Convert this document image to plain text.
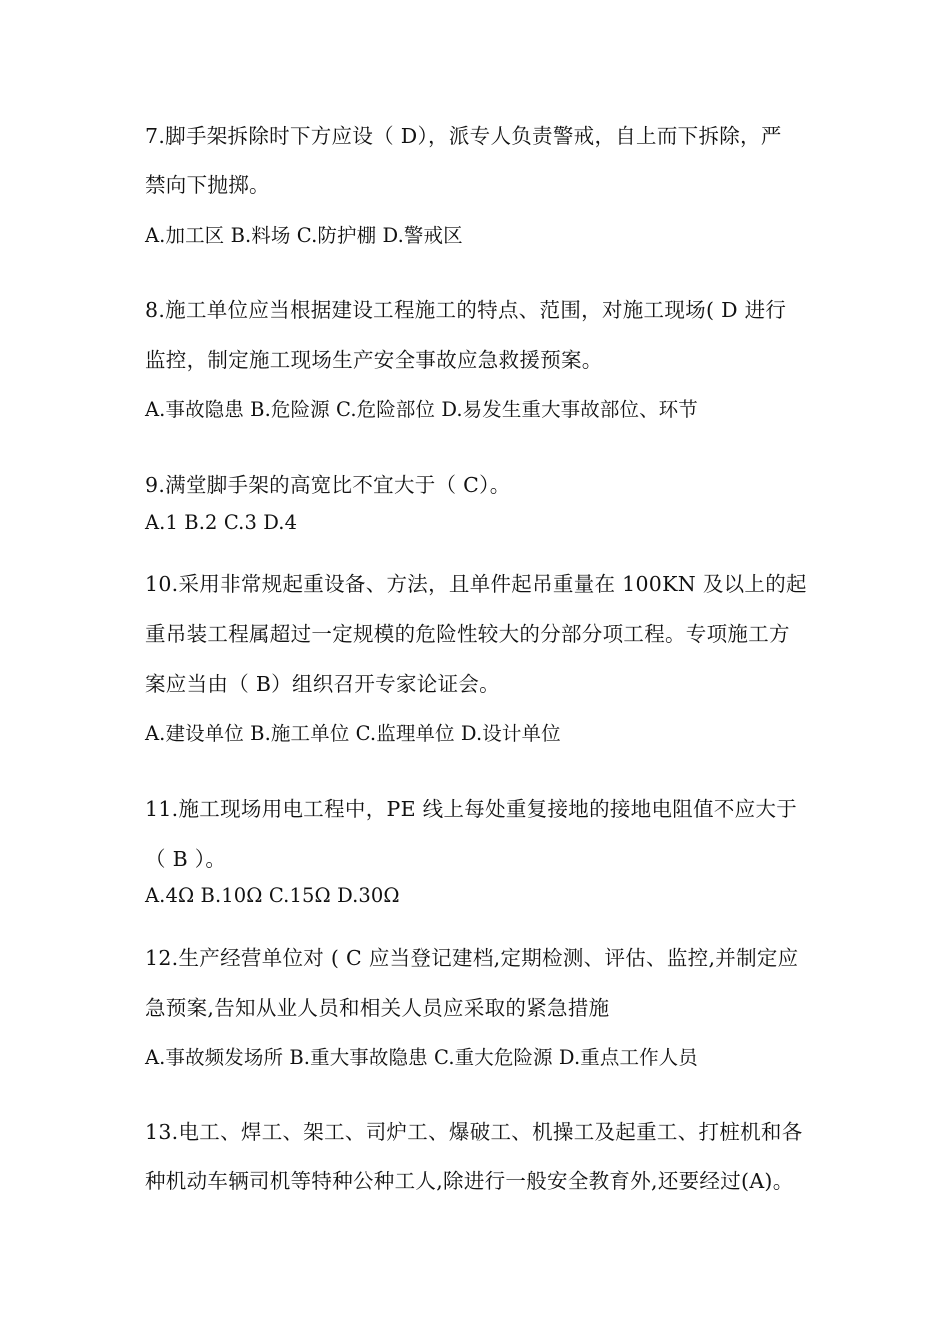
7.脚手架拆除时下方应设（ D），派专人负责警戒，自上而下拆除，严
禁向下抛掷。
A.加工区 B.料场 C.防护棚 D.警戒区
8.施工单位应当根据建设工程施工的特点、范围，对施工现场( D 进行
监控，制定施工现场生产安全事故应急救援预案。
A.事故隐患 B.危险源 C.危险部位 D.易发生重大事故部位、环节
9.满堂脚手架的高宽比不宜大于（ C）。
A.1 B.2 C.3 D.4
10.采用非常规起重设备、方法，且单件起吊重量在 100KN 及以上的起
重吊装工程属超过一定规模的危险性较大的分部分项工程。专项施工方
案应当由（ B）组织召开专家论证会。
A.建设单位 B.施工单位 C.监理单位 D.设计单位
11.施工现场用电工程中，PE 线上每处重复接地的接地电阻值不应大于
（ B ）。
A.4Ω B.10Ω C.15Ω D.30Ω
12.生产经营单位对 ( C 应当登记建档,定期检测、评估、监控,并制定应
急预案,告知从业人员和相关人员应采取的紧急措施
A.事故频发场所 B.重大事故隐患 C.重大危险源 D.重点工作人员
13.电工、焊工、架工、司炉工、爆破工、机操工及起重工、打桩机和各
种机动车辆司机等特种公种工人,除进行一般安全教育外,还要经过(A)。
